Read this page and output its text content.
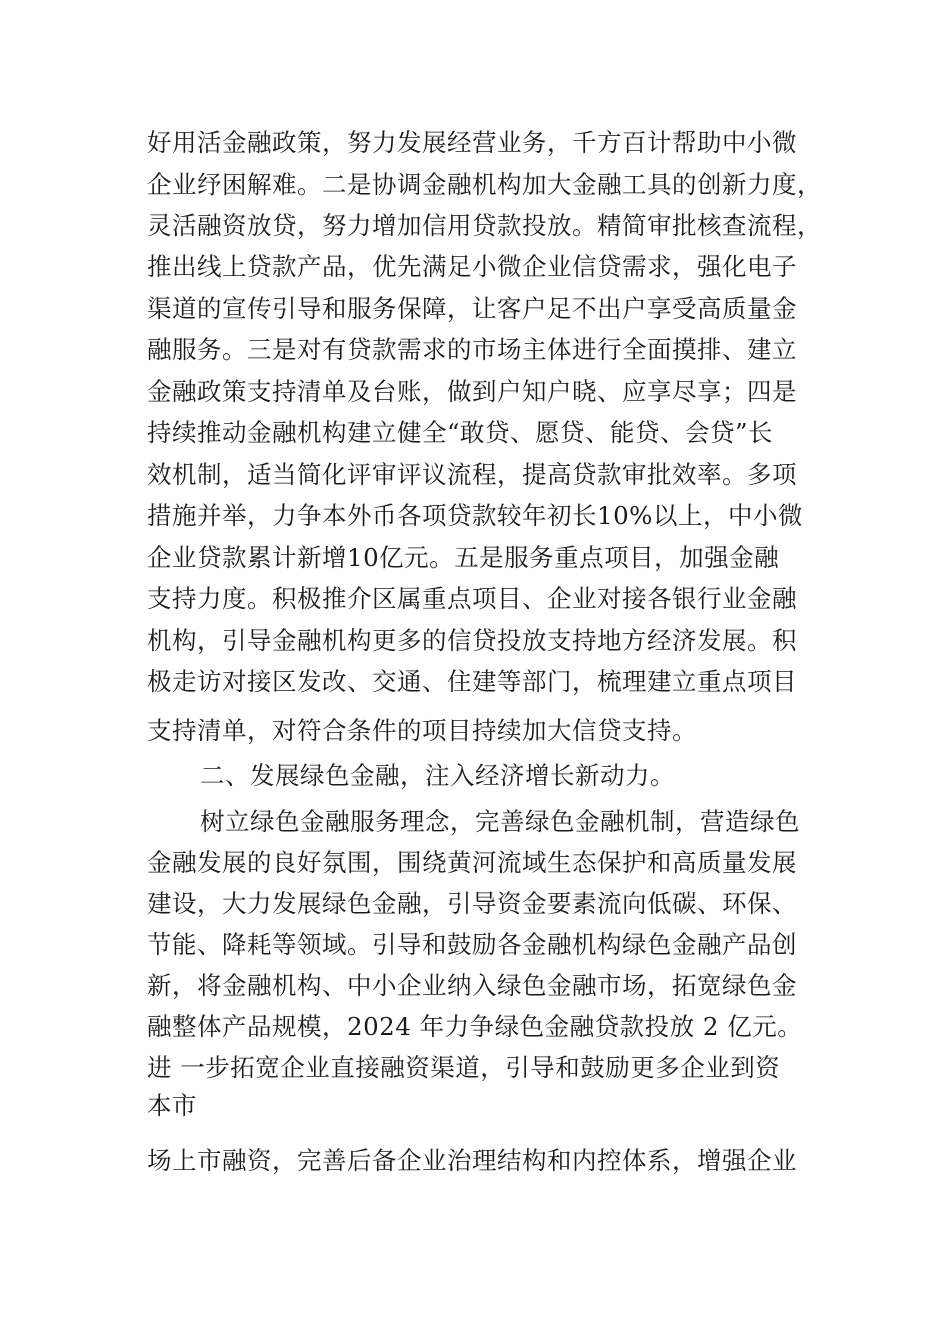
好用活金融政策，努力发展经营业务，千方百计帮助中小微
企业纾困解难。二是协调金融机构加大金融工具的创新力度，
灵活融资放贷，努力增加信用贷款投放。精简审批核查流程，
推出线上贷款产品，优先满足小微企业信贷需求，强化电子
渠道的宣传引导和服务保障，让客户足不出户享受高质量金
融服务。三是对有贷款需求的市场主体进行全面摸排、建立
金融政策支持清单及台账，做到户知户晓、应享尽享；四是
持续推动金融机构建立健全“敢贷、愿贷、能贷、会贷”长
效机制，适当简化评审评议流程，提高贷款审批效率。多项
措施并举，力争本外币各项贷款较年初长10%以上，中小微
企业贷款累计新增10亿元。五是服务重点项目，加强金融
支持力度。积极推介区属重点项目、企业对接各银行业金融
机构，引导金融机构更多的信贷投放支持地方经济发展。积
极走访对接区发改、交通、住建等部门，梳理建立重点项目
支持清单，对符合条件的项目持续加大信贷支持。
二、发展绿色金融，注入经济增长新动力。
树立绿色金融服务理念，完善绿色金融机制，营造绿色
金融发展的良好氛围，围绕黄河流域生态保护和高质量发展
建设，大力发展绿色金融，引导资金要素流向低碳、环保、
节能、降耗等领域。引导和鼓励各金融机构绿色金融产品创
新，将金融机构、中小企业纳入绿色金融市场，拓宽绿色金
融整体产品规模，2024 年力争绿色金融贷款投放 2 亿元。
进 一步拓宽企业直接融资渠道，引导和鼓励更多企业到资
本市
场上市融资，完善后备企业治理结构和内控体系，增强企业
